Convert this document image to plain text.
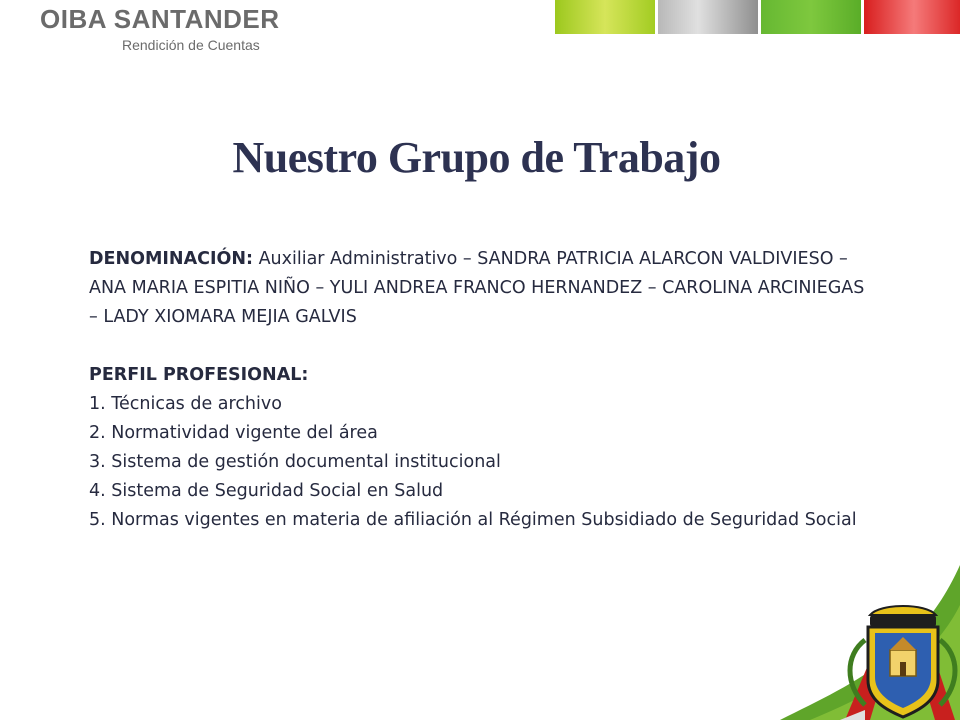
OIBA SANTANDER
Rendición de Cuentas
Nuestro Grupo de Trabajo

DENOMINACIÓN: Auxiliar Administrativo – SANDRA PATRICIA ALARCON VALDIVIESO – ANA MARIA ESPITIA NIÑO – YULI ANDREA FRANCO HERNANDEZ – CAROLINA ARCINIEGAS – LADY XIOMARA MEJIA GALVIS

PERFIL PROFESIONAL:

1. Técnicas de archivo
2. Normatividad vigente del área
3. Sistema de gestión documental institucional
4. Sistema de Seguridad Social en Salud
5. Normas vigentes en materia de afiliación al Régimen Subsidiado de Seguridad Social
